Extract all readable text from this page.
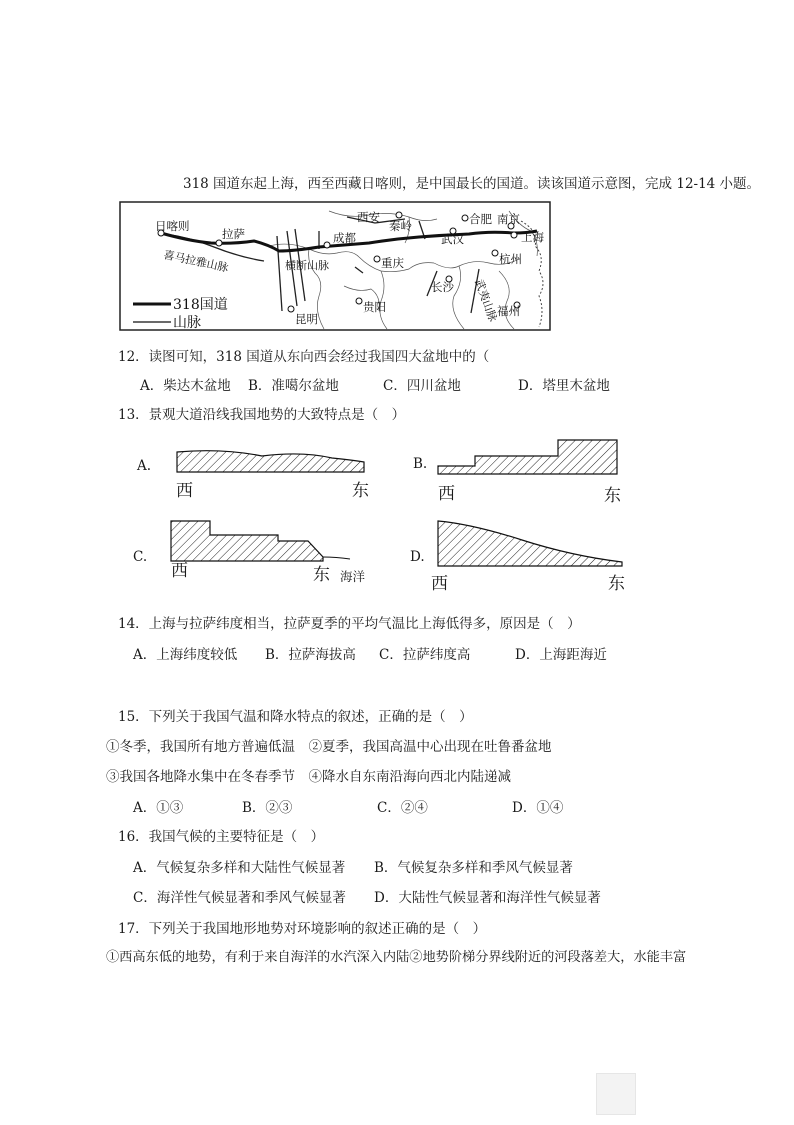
318 国道东起上海，西至西藏日喀则，是中国最长的国道。读该国道示意图，完成 12-14 小题。
日喀则
拉萨	成都
西安
秦岭	合肥 南京
上海
武汉
重庆	杭州
长沙
贵阳
昆明
福州
喜马拉雅山脉	横断山脉
武夷山脉
318国道
山脉
12．读图可知，318 国道从东向西会经过我国四大盆地中的（
A．柴达木盆地 B．准噶尔盆地	C．四川盆地	D．塔里木盆地
13．景观大道沿线我国地势的大致特点是（　）
A.
西	东
B.
西	东
C.
西	东 海洋
D.
西	东
14．上海与拉萨纬度相当，拉萨夏季的平均气温比上海低得多，原因是（　）
A．上海纬度较低 B．拉萨海拔高 C．拉萨纬度高	D．上海距海近
15．下列关于我国气温和降水特点的叙述，正确的是（　）
①冬季，我国所有地方普遍低温　②夏季，我国高温中心出现在吐鲁番盆地
③我国各地降水集中在冬春季节　④降水自东南沿海向西北内陆递减
A．①③	B．②③	C．②④	D．①④
16．我国气候的主要特征是（　）
A．气候复杂多样和大陆性气候显著 B．气候复杂多样和季风气候显著
C．海洋性气候显著和季风气候显著 D．大陆性气候显著和海洋性气候显著
17．下列关于我国地形地势对环境影响的叙述正确的是（　）
①西高东低的地势，有利于来自海洋的水汽深入内陆②地势阶梯分界线附近的河段落差大，水能丰富
